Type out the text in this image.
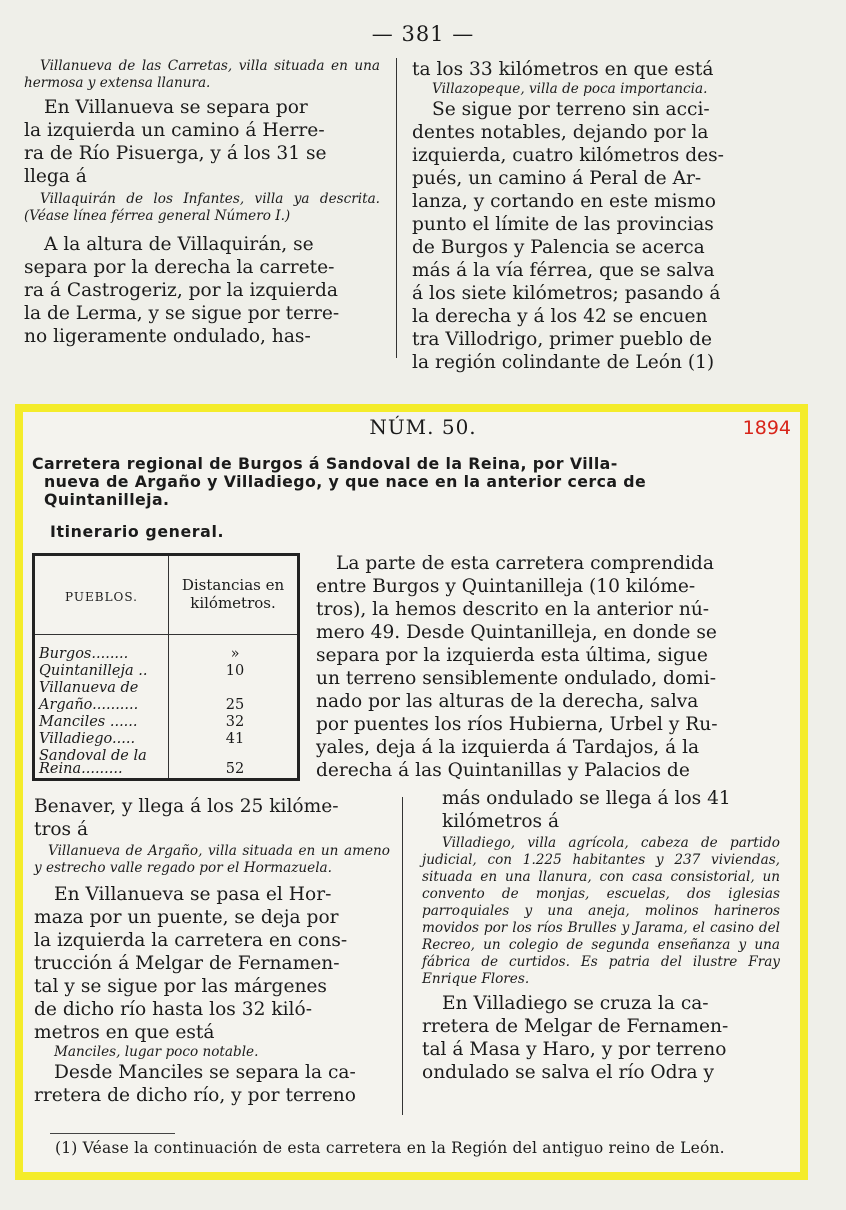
— 381 —

Villanueva de las Carretas, villa situada en una hermosa y extensa llanura.

En Villanueva se separa por

la izquierda un camino á Herre-

ra de Río Pisuerga, y á los 31 se

llega á

Villaquirán de los Infantes, villa ya descrita. (Véase línea férrea general Número I.)

A la altura de Villaquirán, se

separa por la derecha la carrete-

ra á Castrogeriz, por la izquierda

la de Lerma, y se sigue por terre-

no ligeramente ondulado, has-

ta los 33 kilómetros en que está

Villazopeque, villa de poca importancia.

Se sigue por terreno sin acci-

dentes notables, dejando por la

izquierda, cuatro kilómetros des-

pués, un camino á Peral de Ar-

lanza, y cortando en este mismo

punto el límite de las provincias

de Burgos y Palencia se acerca

más á la vía férrea, que se salva

á los siete kilómetros; pasando á

la derecha y á los 42 se encuen

tra Villodrigo, primer pueblo de

la región colindante de León (1)

NÚM. 50.	1894
Carretera regional de Burgos á Sandoval de la Reina, por Villa-
nueva de Argaño y Villadiego, y que nace en la anterior cerca de
Quintanilleja.
Itinerario general.
PUEBLOS.
Distancias en
kilómetros.
Burgos........	»
Quintanilleja ..	10
Villanueva de
Argaño..........	25
Manciles ......	32
Villadiego.....	41
Sandoval de la
Reina.........	52

La parte de esta carretera comprendida

entre Burgos y Quintanilleja (10 kilóme-

tros), la hemos descrito en la anterior nú-

mero 49. Desde Quintanilleja, en donde se

separa por la izquierda esta última, sigue

un terreno sensiblemente ondulado, domi-

nado por las alturas de la derecha, salva

por puentes los ríos Hubierna, Urbel y Ru-

yales, deja á la izquierda á Tardajos, á la

derecha á las Quintanillas y Palacios de

Benaver, y llega á los 25 kilóme-

tros á

Villanueva de Argaño, villa situada en un ameno y estrecho valle regado por el Hormazuela.

En Villanueva se pasa el Hor-

maza por un puente, se deja por

la izquierda la carretera en cons-

trucción á Melgar de Fernamen-

tal y se sigue por las márgenes

de dicho río hasta los 32 kiló-

metros en que está

Manciles, lugar poco notable.

Desde Manciles se separa la ca-

rretera de dicho río, y por terreno

más ondulado se llega á los 41

kilómetros á

Villadiego, villa agrícola, cabeza de partido judicial, con 1.225 habitantes y 237 viviendas, situada en una llanura, con casa consistorial, un convento de monjas, escuelas, dos iglesias parroquiales y una aneja, molinos harineros movidos por los ríos Brulles y Jarama, el casino del Recreo, un colegio de segunda enseñanza y una fábrica de curtidos. Es patria del ilustre Fray Enrique Flores.

En Villadiego se cruza la ca-

rretera de Melgar de Fernamen-

tal á Masa y Haro, y por terreno

ondulado se salva el río Odra y

(1) Véase la continuación de esta carretera en la Región del antiguo reino de León.
